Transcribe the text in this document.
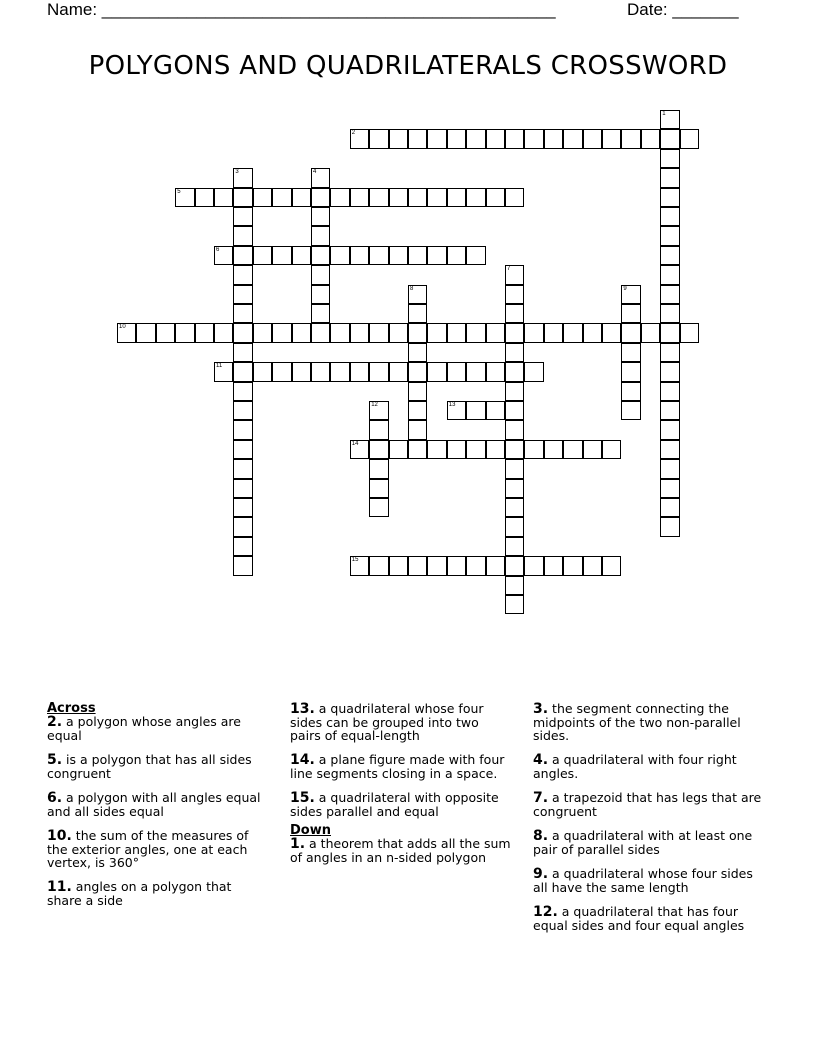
Name: ________________________________________________	Date: _______
POLYGONS AND QUADRILATERALS CROSSWORD
1
2
3	4
5
6
7
8	9
10
11
12	13
14
15
Across
2. a polygon whose angles are equal
5. is a polygon that has all sides congruent
6. a polygon with all angles equal and all sides equal
10. the sum of the measures of the exterior angles, one at each vertex, is 360°
11. angles on a polygon that share a side
13. a quadrilateral whose four sides can be grouped into two pairs of equal-length
14. a plane figure made with four line segments closing in a space.
15. a quadrilateral with opposite sides parallel and equal
Down
1. a theorem that adds all the sum of angles in an n-sided polygon
3. the segment connecting the midpoints of the two non-parallel sides.
4. a quadrilateral with four right angles.
7. a trapezoid that has legs that are congruent
8. a quadrilateral with at least one pair of parallel sides
9. a quadrilateral whose four sides all have the same length
12. a quadrilateral that has four equal sides and four equal angles
